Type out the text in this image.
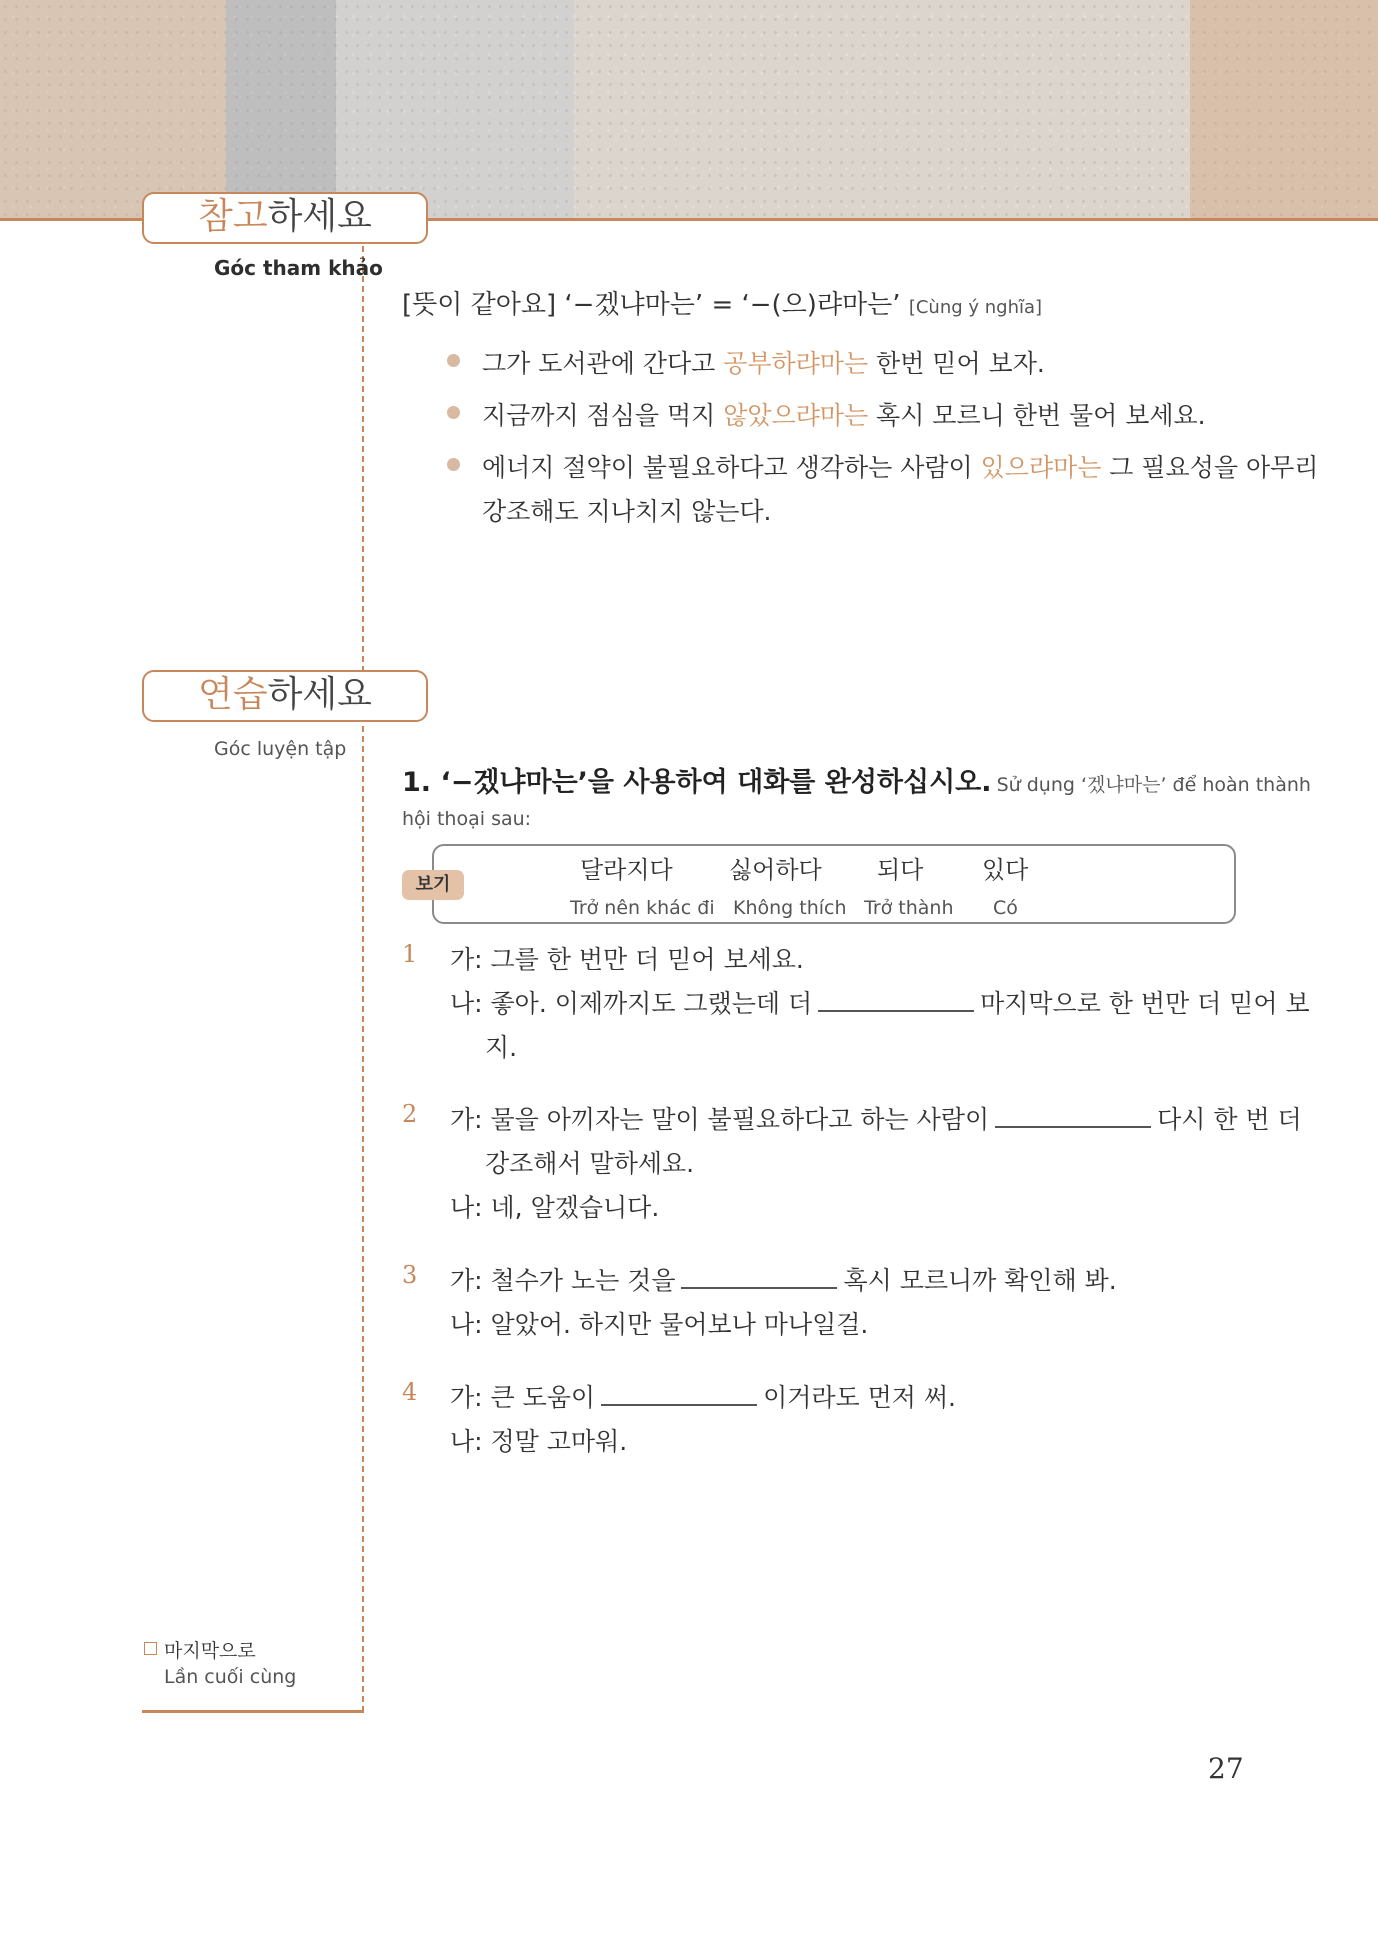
참고하세요
Góc tham khảo
[뜻이 같아요] ‘−겠냐마는’ = ‘−(으)랴마는’ [Cùng ý nghĩa]
그가 도서관에 간다고 공부하랴마는 한번 믿어 보자.
지금까지 점심을 먹지 않았으랴마는 혹시 모르니 한번 물어 보세요.
에너지 절약이 불필요하다고 생각하는 사람이 있으랴마는 그 필요성을 아무리
강조해도 지나치지 않는다.
연습하세요
Góc luyện tập
1. ‘−겠냐마는’을 사용하여 대화를 완성하십시오. Sử dụng ‘겠냐마는’ để hoàn thành
hội thoại sau:
보기
달라지다 싫어하다 되다 있다
Trở nên khác đi Không thích Trở thành Có
1 가: 그를 한 번만 더 믿어 보세요.
나: 좋아. 이제까지도 그랬는데 더	마지막으로 한 번만 더 믿어 보
지.
2 가: 물을 아끼자는 말이 불필요하다고 하는 사람이	다시 한 번 더
강조해서 말하세요.
나: 네, 알겠습니다.
3 가: 철수가 노는 것을	혹시 모르니까 확인해 봐.
나: 알았어. 하지만 물어보나 마나일걸.
4 가: 큰 도움이	이거라도 먼저 써.
나: 정말 고마워.
마지막으로
Lần cuối cùng
27
